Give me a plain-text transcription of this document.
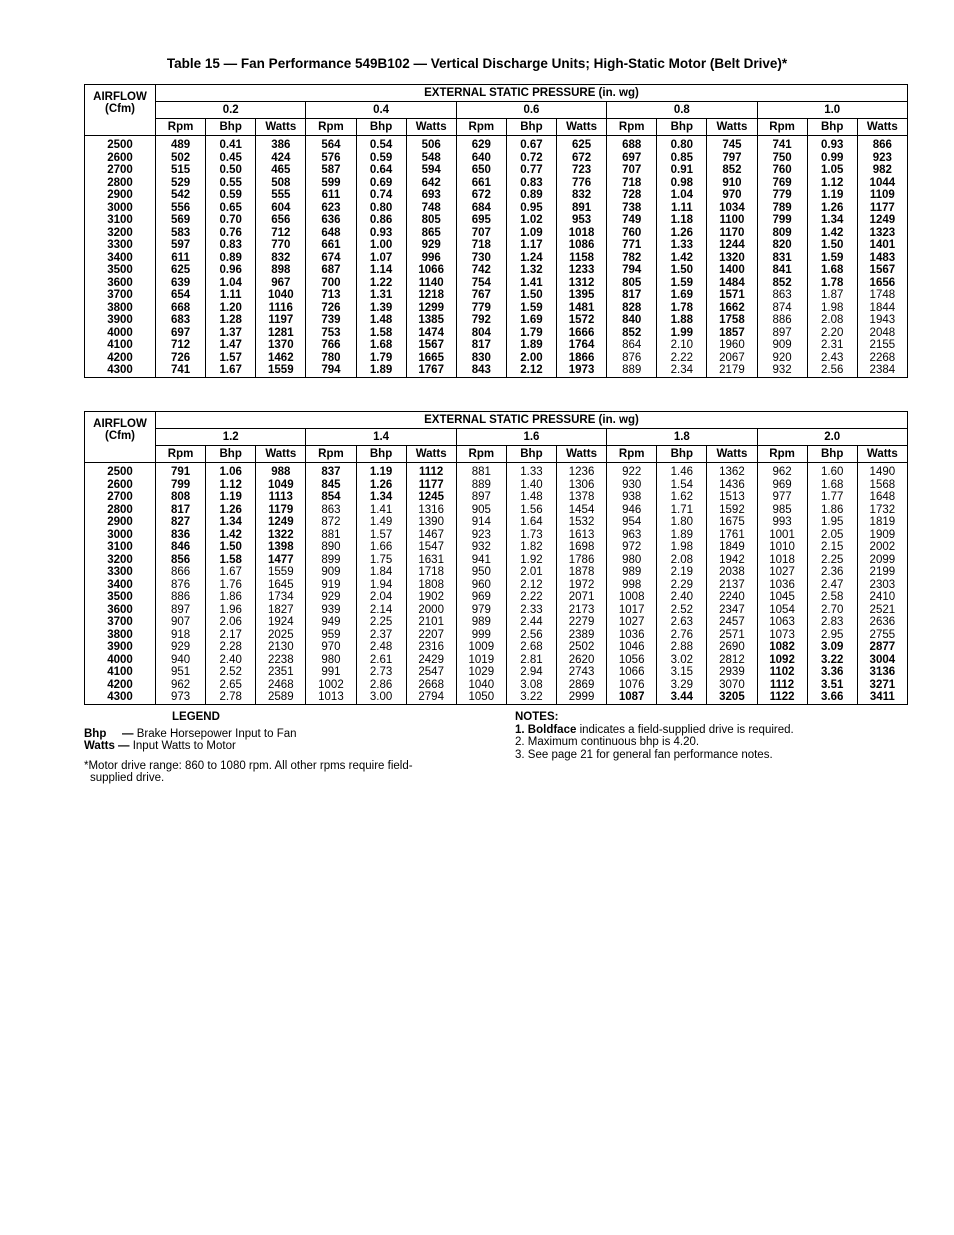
Table 15 — Fan Performance 549B102 — Vertical Discharge Units; High-Static Motor (Belt Drive)*
AIRFLOW
(Cfm)	EXTERNAL STATIC PRESSURE (in. wg)														
	0.2			0.4			0.6			0.8			1.0		
	Rpm	Bhp	Watts	Rpm	Bhp	Watts	Rpm	Bhp	Watts	Rpm	Bhp	Watts	Rpm	Bhp	Watts
2500	489	0.41	386	564	0.54	506	629	0.67	625	688	0.80	745	741	0.93	866
2600	502	0.45	424	576	0.59	548	640	0.72	672	697	0.85	797	750	0.99	923
2700	515	0.50	465	587	0.64	594	650	0.77	723	707	0.91	852	760	1.05	982
2800	529	0.55	508	599	0.69	642	661	0.83	776	718	0.98	910	769	1.12	1044
2900	542	0.59	555	611	0.74	693	672	0.89	832	728	1.04	970	779	1.19	1109
3000	556	0.65	604	623	0.80	748	684	0.95	891	738	1.11	1034	789	1.26	1177
3100	569	0.70	656	636	0.86	805	695	1.02	953	749	1.18	1100	799	1.34	1249
3200	583	0.76	712	648	0.93	865	707	1.09	1018	760	1.26	1170	809	1.42	1323
3300	597	0.83	770	661	1.00	929	718	1.17	1086	771	1.33	1244	820	1.50	1401
3400	611	0.89	832	674	1.07	996	730	1.24	1158	782	1.42	1320	831	1.59	1483
3500	625	0.96	898	687	1.14	1066	742	1.32	1233	794	1.50	1400	841	1.68	1567
3600	639	1.04	967	700	1.22	1140	754	1.41	1312	805	1.59	1484	852	1.78	1656
3700	654	1.11	1040	713	1.31	1218	767	1.50	1395	817	1.69	1571	863	1.87	1748
3800	668	1.20	1116	726	1.39	1299	779	1.59	1481	828	1.78	1662	874	1.98	1844
3900	683	1.28	1197	739	1.48	1385	792	1.69	1572	840	1.88	1758	886	2.08	1943
4000	697	1.37	1281	753	1.58	1474	804	1.79	1666	852	1.99	1857	897	2.20	2048
4100	712	1.47	1370	766	1.68	1567	817	1.89	1764	864	2.10	1960	909	2.31	2155
4200	726	1.57	1462	780	1.79	1665	830	2.00	1866	876	2.22	2067	920	2.43	2268
4300	741	1.67	1559	794	1.89	1767	843	2.12	1973	889	2.34	2179	932	2.56	2384
AIRFLOW
(Cfm)	EXTERNAL STATIC PRESSURE (in. wg)														
	1.2			1.4			1.6			1.8			2.0		
	Rpm	Bhp	Watts	Rpm	Bhp	Watts	Rpm	Bhp	Watts	Rpm	Bhp	Watts	Rpm	Bhp	Watts
2500	791	1.06	988	837	1.19	1112	881	1.33	1236	922	1.46	1362	962	1.60	1490
2600	799	1.12	1049	845	1.26	1177	889	1.40	1306	930	1.54	1436	969	1.68	1568
2700	808	1.19	1113	854	1.34	1245	897	1.48	1378	938	1.62	1513	977	1.77	1648
2800	817	1.26	1179	863	1.41	1316	905	1.56	1454	946	1.71	1592	985	1.86	1732
2900	827	1.34	1249	872	1.49	1390	914	1.64	1532	954	1.80	1675	993	1.95	1819
3000	836	1.42	1322	881	1.57	1467	923	1.73	1613	963	1.89	1761	1001	2.05	1909
3100	846	1.50	1398	890	1.66	1547	932	1.82	1698	972	1.98	1849	1010	2.15	2002
3200	856	1.58	1477	899	1.75	1631	941	1.92	1786	980	2.08	1942	1018	2.25	2099
3300	866	1.67	1559	909	1.84	1718	950	2.01	1878	989	2.19	2038	1027	2.36	2199
3400	876	1.76	1645	919	1.94	1808	960	2.12	1972	998	2.29	2137	1036	2.47	2303
3500	886	1.86	1734	929	2.04	1902	969	2.22	2071	1008	2.40	2240	1045	2.58	2410
3600	897	1.96	1827	939	2.14	2000	979	2.33	2173	1017	2.52	2347	1054	2.70	2521
3700	907	2.06	1924	949	2.25	2101	989	2.44	2279	1027	2.63	2457	1063	2.83	2636
3800	918	2.17	2025	959	2.37	2207	999	2.56	2389	1036	2.76	2571	1073	2.95	2755
3900	929	2.28	2130	970	2.48	2316	1009	2.68	2502	1046	2.88	2690	1082	3.09	2877
4000	940	2.40	2238	980	2.61	2429	1019	2.81	2620	1056	3.02	2812	1092	3.22	3004
4100	951	2.52	2351	991	2.73	2547	1029	2.94	2743	1066	3.15	2939	1102	3.36	3136
4200	962	2.65	2468	1002	2.86	2668	1040	3.08	2869	1076	3.29	3070	1112	3.51	3271
4300	973	2.78	2589	1013	3.00	2794	1050	3.22	2999	1087	3.44	3205	1122	3.66	3411
LEGEND
Bhp — Brake Horsepower Input to Fan
Watts — Input Watts to Motor
*Motor drive range: 860 to 1080 rpm. All other rpms require field-
supplied drive.
NOTES:
1. Boldface indicates a field-supplied drive is required.
2. Maximum continuous bhp is 4.20.
3. See page 21 for general fan performance notes.
